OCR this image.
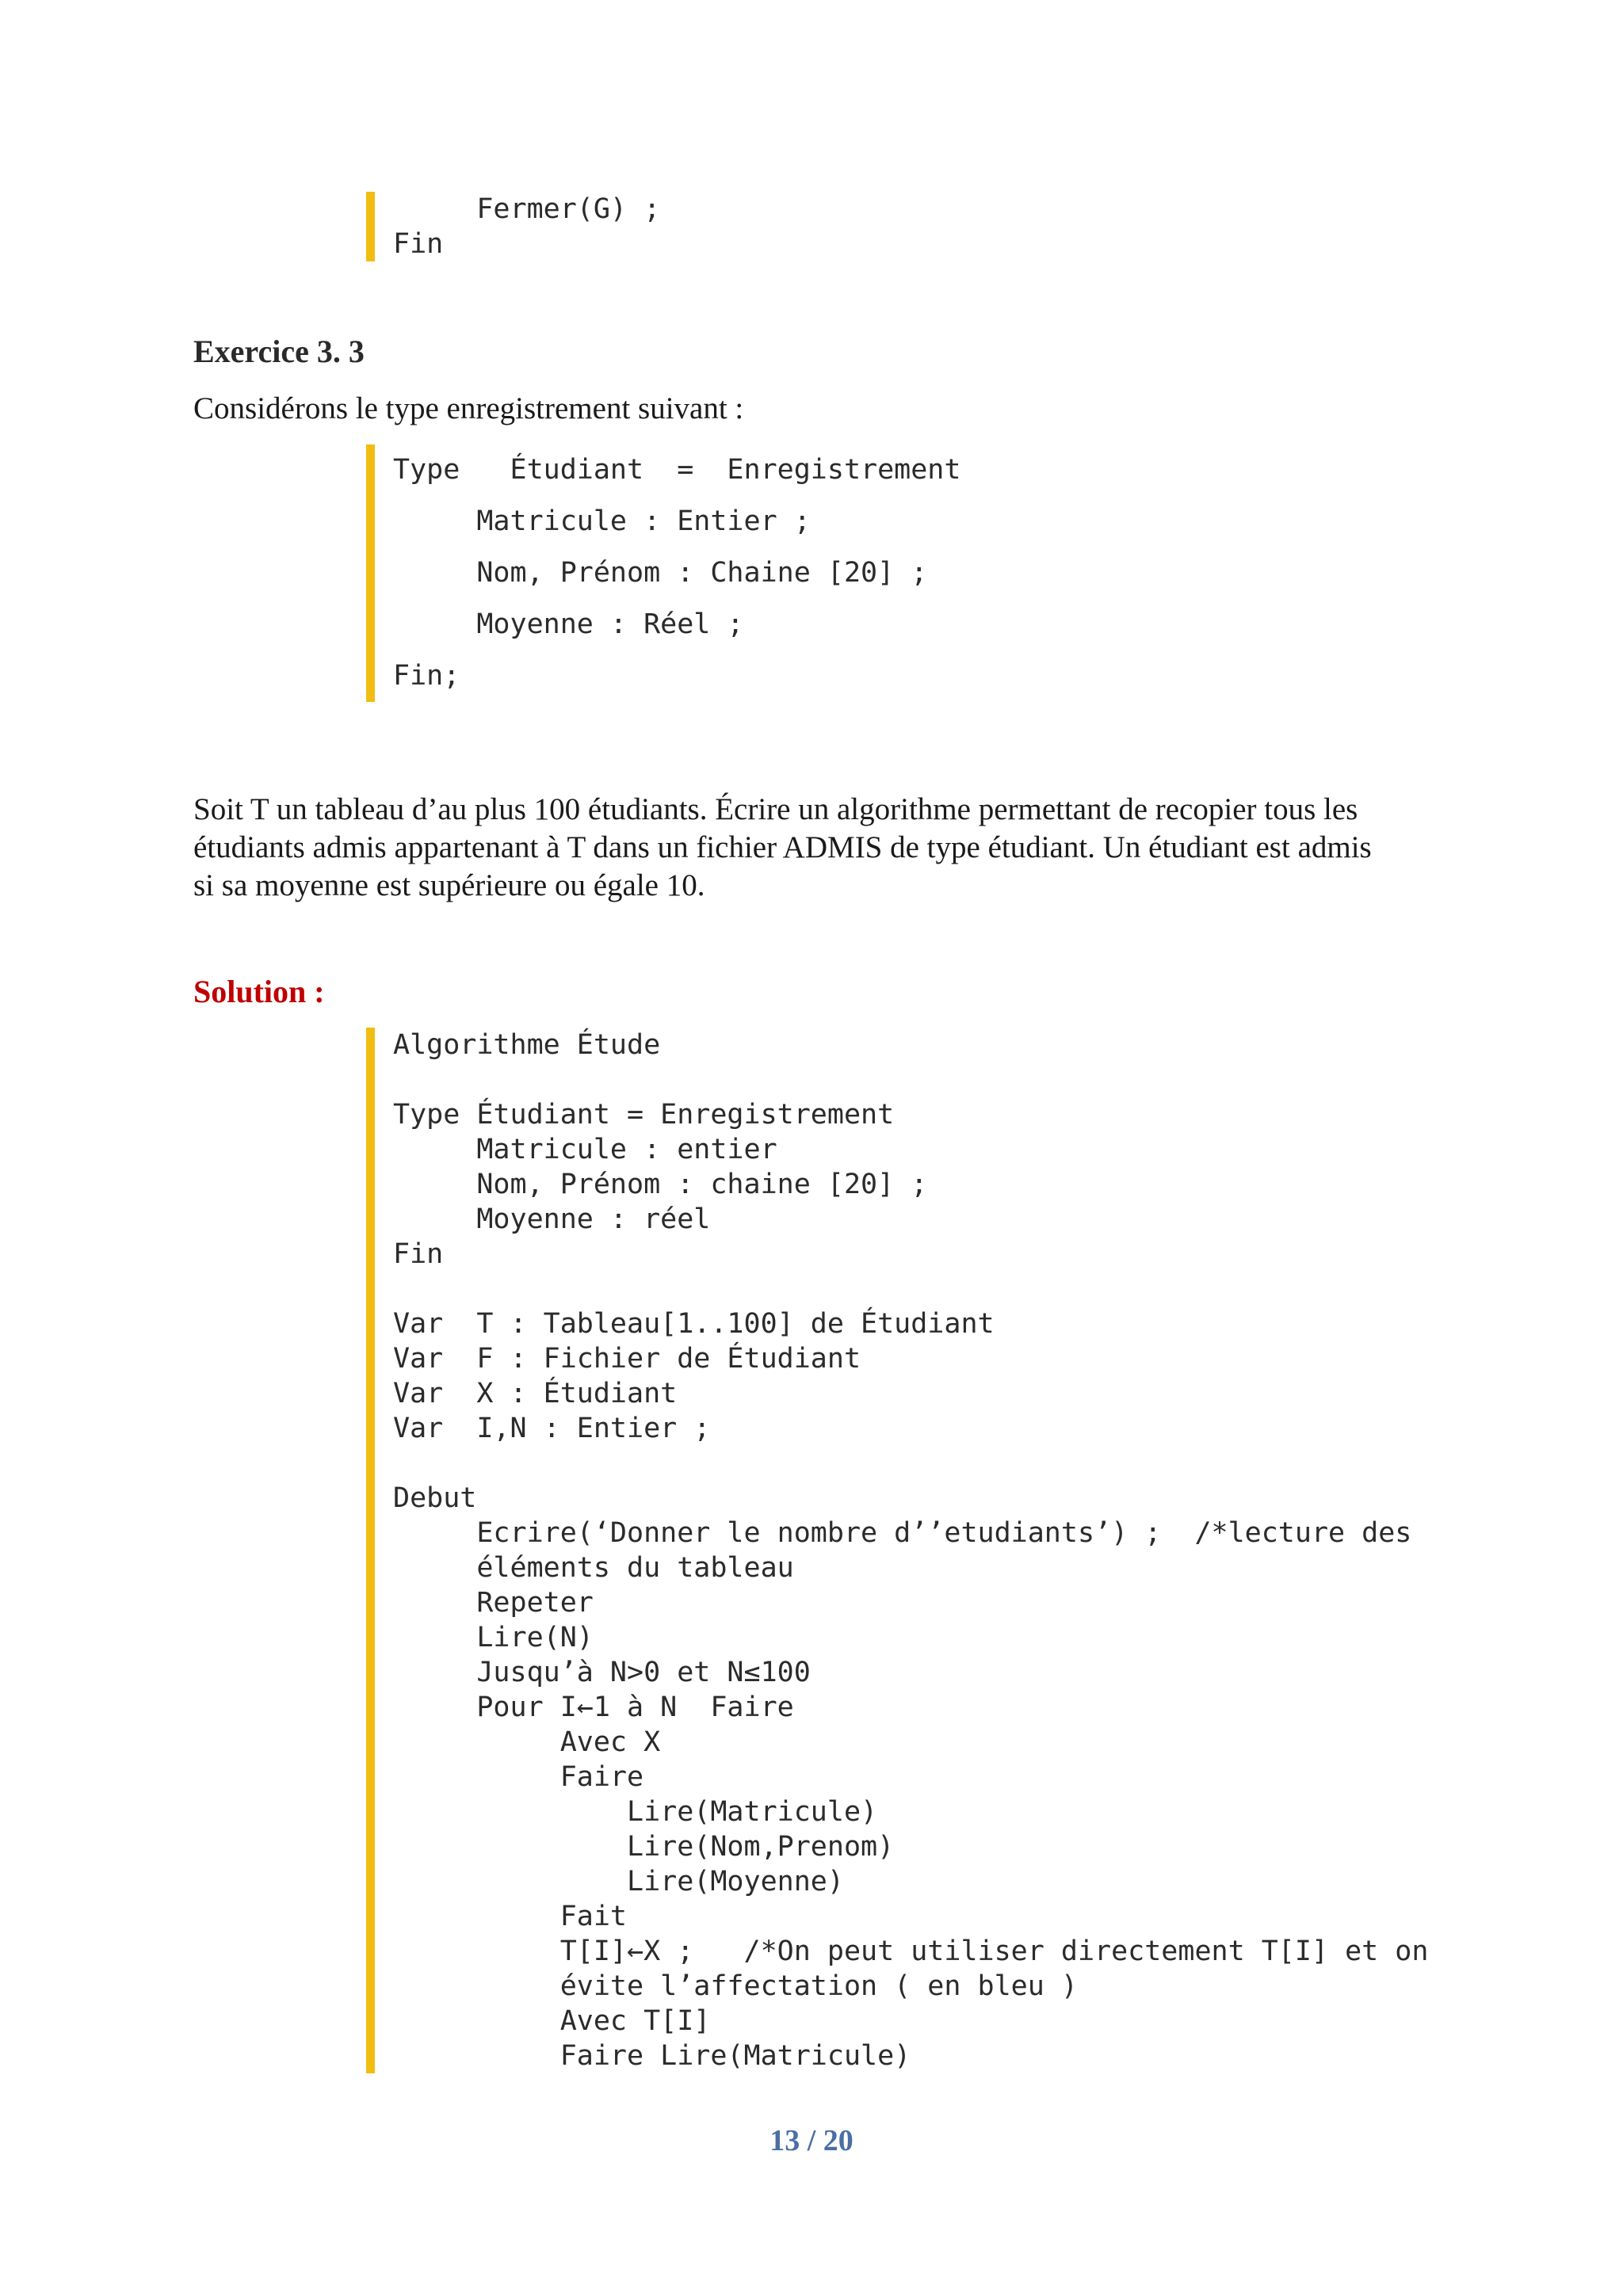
Fermer(G) ;
Fin
Exercice 3. 3
Considérons le type enregistrement suivant :
Type   Étudiant  =  Enregistrement
Matricule : Entier ;
Nom, Prénom : Chaine [20] ;
Moyenne : Réel ;
Fin;
Soit T un tableau d’au plus 100 étudiants. Écrire un algorithme permettant de recopier tous les
étudiants admis appartenant à T dans un fichier ADMIS de type étudiant. Un étudiant est admis
si sa moyenne est supérieure ou égale 10.
Solution :
Algorithme Étude

Type Étudiant = Enregistrement
Matricule : entier
Nom, Prénom : chaine [20] ;
Moyenne : réel
Fin

Var  T : Tableau[1..100] de Étudiant
Var  F : Fichier de Étudiant
Var  X : Étudiant
Var  I,N : Entier ;

Debut
Ecrire(‘Donner le nombre d’’etudiants’) ;  /*lecture des
éléments du tableau
Repeter
Lire(N)
Jusqu’à N>0 et N≤100
Pour I←1 à N  Faire
Avec X
Faire
Lire(Matricule)
Lire(Nom,Prenom)
Lire(Moyenne)
Fait
T[I]←X ;   /*On peut utiliser directement T[I] et on
évite l’affectation ( en bleu )
Avec T[I]
Faire Lire(Matricule)
13 / 20
